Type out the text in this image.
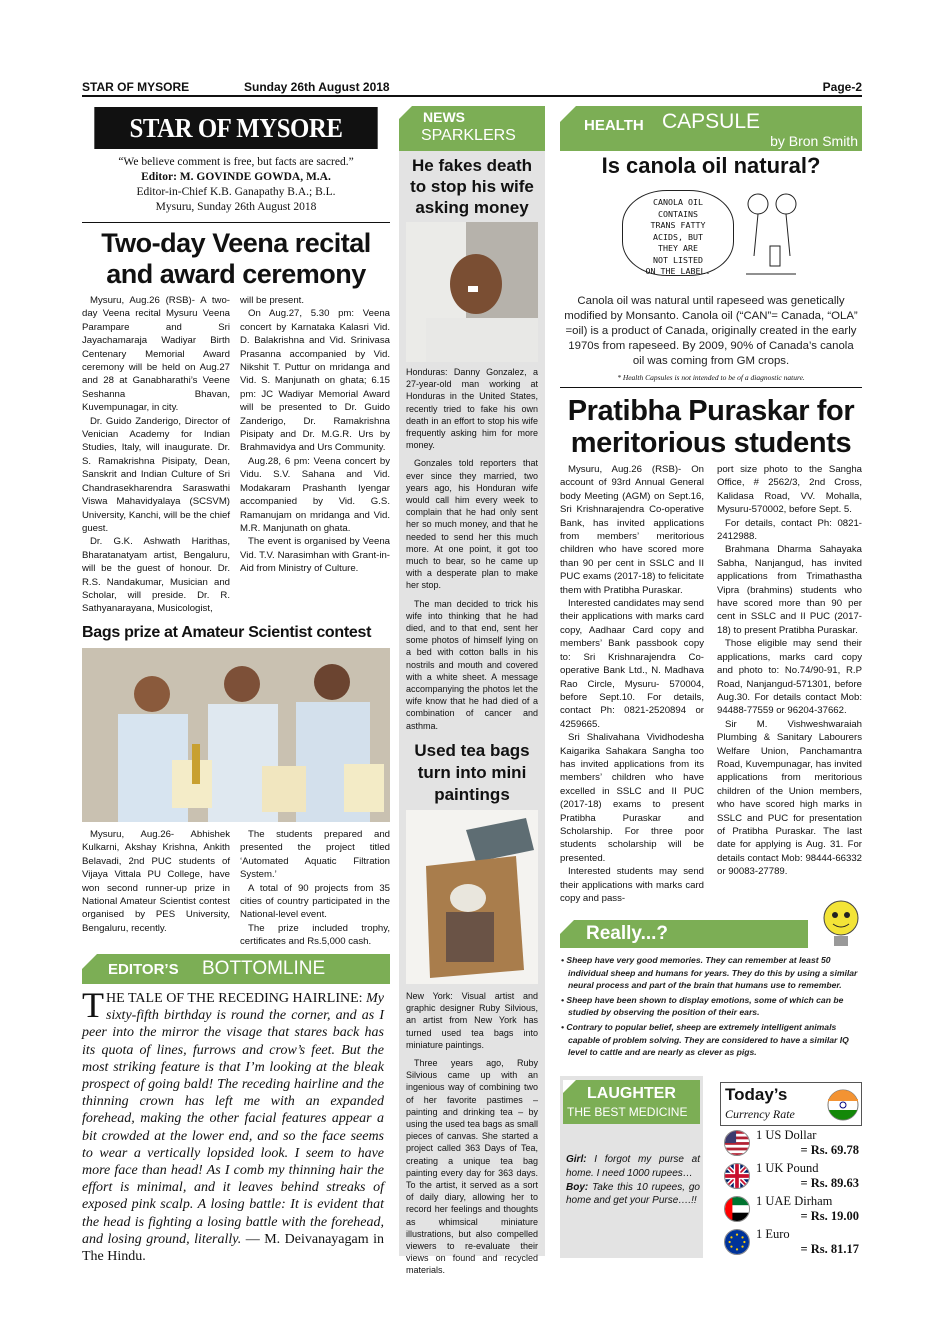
STAR OF MYSORE	Sunday 26th August 2018	Page-2
STAR OF MYSORE
“We believe comment is free, but facts are sacred.”
Editor: M. GOVINDE GOWDA, M.A.
Editor-in-Chief K.B. Ganapathy B.A.; B.L.
Mysuru, Sunday 26th August 2018
Two-day Veena recital and award ceremony

Mysuru, Aug.26 (RSB)- A two-day Veena recital Mysuru Veena Parampare and Sri Jayachamaraja Wadiyar Birth Centenary Memorial Award ceremony will be held on Aug.27 and 28 at Ganabharathi’s Veene Seshanna Bhavan, Kuvempunagar, in city.

Dr. Guido Zanderigo, Director of Venician Academy for Indian Studies, Italy, will inaugurate. Dr. S. Ramakrishna Pisipaty, Dean, Sanskrit and Indian Culture of Sri Chandrasekharendra Saraswathi Viswa Mahavidyalaya (SCSVM) University, Kanchi, will be the chief guest.

Dr. G.K. Ashwath Harithas, Bharatanatyam artist, Bengaluru, will be the guest of honour. Dr. R.S. Nandakumar, Musician and Scholar, will preside. Dr. R. Sathyanarayana, Musicologist,

will be present.

On Aug.27, 5.30 pm: Veena concert by Karnataka Kalasri Vid. D. Balakrishna and Vid. Srinivasa Prasanna accompanied by Vid. Nikshit T. Puttur on mridanga and Vid. S. Manjunath on ghata; 6.15 pm: JC Wadiyar Memorial Award will be presented to Dr. Guido Zanderigo, Dr. Ramakrishna Pisipaty and Dr. M.G.R. Urs by Brahmavidya and Urs Community.

Aug.28, 6 pm: Veena concert by Vidu. S.V. Sahana and Vid. Modakaram Prashanth Iyengar accompanied by Vid. G.S. Ramanujam on mridanga and Vid. M.R. Manjunath on ghata.

The event is organised by Veena Vid. T.V. Narasimhan with Grant-in-Aid from Ministry of Culture.

Bags prize at Amateur Scientist contest

Mysuru, Aug.26- Abhishek Kulkarni, Akshay Krishna, Ankith Belavadi, 2nd PUC students of Vijaya Vittala PU College, have won second runner-up prize in National Amateur Scientist contest organised by PES University, Bengaluru, recently.

The students prepared and presented the project titled ‘Automated Aquatic Filtration System.’

A total of 90 projects from 35 cities of country participated in the National-level event.

The prize included trophy, certificates and Rs.5,000 cash.

EDITOR’S BOTTOMLINE
THE TALE OF THE RECEDING HAIRLINE: My sixty-fifth birthday is round the corner, and as I peer into the mirror the visage that stares back has its quota of lines, furrows and crow’s feet. But the most striking feature is that I’m looking at the bleak prospect of going bald! The receding hairline and the thinning crown has left me with an expanded forehead, making the other facial features appear a bit crowded at the lower end, and so the face seems to wear a vertically lopsided look. I seem to have more face than head! As I comb my thinning hair the effort is minimal, and it leaves behind streaks of exposed pink scalp. A losing battle: It is evident that the head is fighting a losing battle with the forehead, and losing ground, literally. — M. Deivanayagam in The Hindu.
NEWS
SPARKLERS
He fakes death to stop his wife asking money

Honduras: Danny Gonzalez, a 27-year-old man working at Honduras in the United States, recently tried to fake his own death in an effort to stop his wife frequently asking him for more money.

Gonzales told reporters that ever since they married, two years ago, his Honduran wife would call him every week to complain that he had only sent her so much money, and that he needed to send her this much more. At one point, it got too much to bear, so he came up with a desperate plan to make her stop.

The man decided to trick his wife into thinking that he had died, and to that end, sent her some photos of himself lying on a bed with cotton balls in his nostrils and mouth and covered with a white sheet. A message accompanying the photos let the wife know that he had died of a combination of cancer and asthma.

Used tea bags turn into mini paintings

New York: Visual artist and graphic designer Ruby Silvious, an artist from New York has turned used tea bags into miniature paintings.

Three years ago, Ruby Silvious came up with an ingenious way of combining two of her favorite pastimes – painting and drinking tea – by using the used tea bags as small pieces of canvas. She started a project called 363 Days of Tea, creating a unique tea bag painting every day for 363 days. To the artist, it served as a sort of daily diary, allowing her to record her feelings and thoughts as whimsical miniature illustrations, but also compelled viewers to re-evaluate their views on found and recycled materials.

HEALTH CAPSULE
by Bron Smith
Is canola oil natural?
CANOLA OIL
CONTAINS
TRANS FATTY
ACIDS, BUT
THEY ARE
NOT LISTED
ON THE LABEL.
Canola oil was natural until rapeseed was genetically modified by Monsanto. Canola oil (“CAN”= Canada, “OLA” =oil) is a product of Canada, originally created in the early 1970s from rapeseed. By 2009, 90% of Canada’s canola oil was coming from GM crops.
* Health Capsules is not intended to be of a diagnostic nature.
Pratibha Puraskar for meritorious students

Mysuru, Aug.26 (RSB)- On account of 93rd Annual General body Meeting (AGM) on Sept.16, Sri Krishnarajendra Co-operative Bank, has invited applications from members’ meritorious children who have scored more than 90 per cent in SSLC and II PUC exams (2017-18) to felicitate them with Pratibha Puraskar.

Interested candidates may send their applications with marks card copy, Aadhaar Card copy and members’ Bank passbook copy to: Sri Krishnarajendra Co-operative Bank Ltd., N. Madhava Rao Circle, Mysuru- 570004, before Sept.10. For details, contact Ph: 0821-2520894 or 4259665.

Sri Shalivahana Vividhodesha Kaigarika Sahakara Sangha too has invited applications from its members’ children who have excelled in SSLC and II PUC (2017-18) exams to present Pratibha Puraskar and Scholarship. For three poor students scholarship will be presented.

Interested students may send their applications with marks card copy and pass-

port size photo to the Sangha Office, # 2562/3, 2nd Cross, Kalidasa Road, VV. Mohalla, Mysuru-570002, before Sept. 5.

For details, contact Ph: 0821-2412988.

Brahmana Dharma Sahayaka Sabha, Nanjangud, has invited applications from Trimathastha Vipra (brahmins) students who have scored more than 90 per cent in SSLC and II PUC (2017-18) to present Pratibha Puraskar.

Those eligible may send their applications, marks card copy and photo to: No.74/90-91, R.P Road, Nanjangud-571301, before Aug.30. For details contact Mob: 94488-77559 or 96204-37662.

Sir M. Vishweshwaraiah Plumbing & Sanitary Labourers Welfare Union, Panchamantra Road, Kuvempunagar, has invited applications from meritorious children of the Union members, who have scored high marks in SSLC and PUC for presentation of Pratibha Puraskar. The last date for applying is Aug. 31. For details contact Mob: 98444-66332 or 90083-27789.

Really...?
• Sheep have very good memories. They can remember at least 50 individual sheep and humans for years. They do this by using a similar neural process and part of the brain that humans use to remember.
• Sheep have been shown to display emotions, some of which can be studied by observing the position of their ears.
• Contrary to popular belief, sheep are extremely intelligent animals capable of problem solving. They are considered to have a similar IQ level to cattle and are nearly as clever as pigs.
LAUGHTER
THE BEST MEDICINE
Girl: I forgot my purse at home. I need 1000 rupees…
Boy: Take this 10 rupees, go home and get your Purse….!!
Today’s
Currency Rate
1 US Dollar
= Rs. 69.78
1 UK Pound
= Rs. 89.63
1 UAE Dirham
= Rs. 19.00
1 Euro
= Rs. 81.17
